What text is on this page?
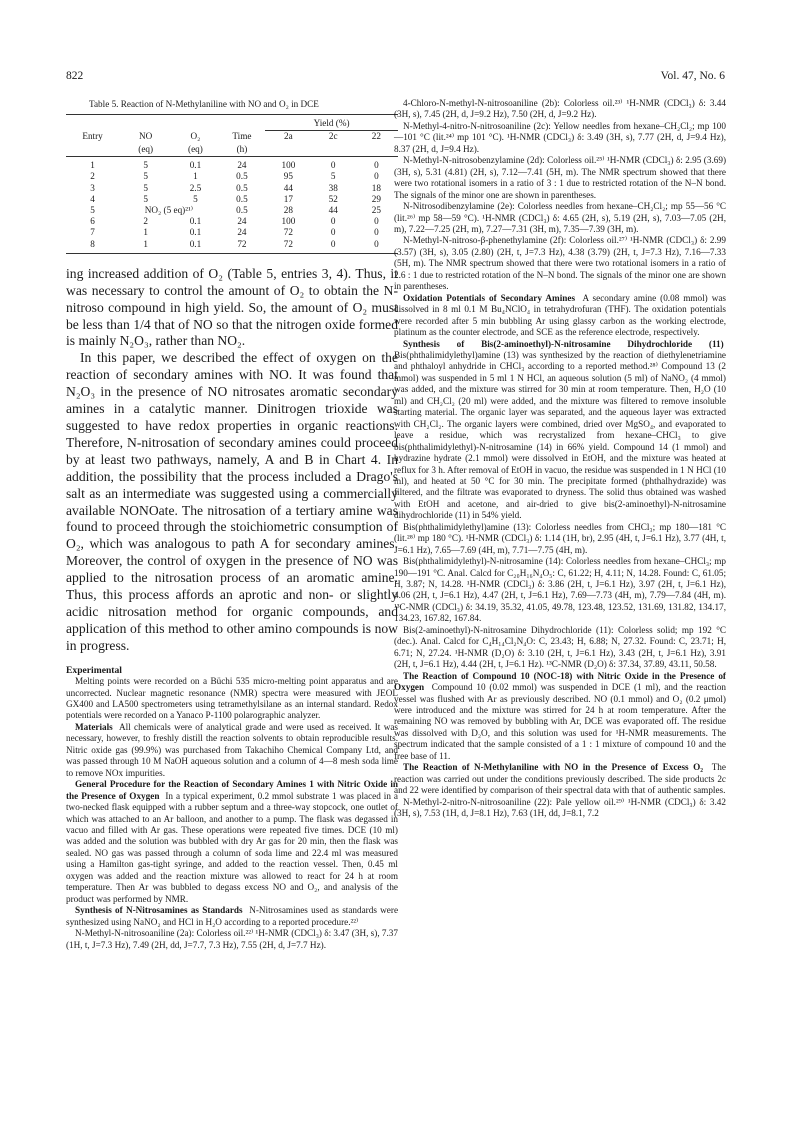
822	Vol. 47, No. 6
Table 5. Reaction of N-Methylaniline with NO and O₂ in DCE

				Yield (%)		

Entry	NO	O₂	Time	2a	2c	22
	(eq)	(eq)	(h)			

1	5	0.1	24	100	0	0
2	5	1	0.5	95	5	0
3	5	2.5	0.5	44	38	18
4	5	5	0.5	17	52	29
5	NO₂ (5 eq)²¹⁾		0.5	28	44	25
6	2	0.1	24	100	0	0
7	1	0.1	24	72	0	0
8	1	0.1	72	72	0	0

ing increased addition of O₂ (Table 5, entries 3, 4). Thus, it was necessary to control the amount of O₂ to obtain the N-nitroso compound in high yield. So, the amount of O₂ must be less than 1/4 that of NO so that the nitrogen oxide formed is mainly N₂O₃, rather than NO₂.

In this paper, we described the effect of oxygen on the reaction of secondary amines with NO. It was found that N₂O₃ in the presence of NO nitrosates aromatic secondary amines in a catalytic manner. Dinitrogen trioxide was suggested to have redox properties in organic reactions. Therefore, N-nitrosation of secondary amines could proceed by at least two pathways, namely, A and B in Chart 4. In addition, the possibility that the process included a Drago's salt as an intermediate was suggested using a commercially available NONOate. The nitrosation of a tertiary amine was found to proceed through the stoichiometric consumption of O₂, which was analogous to path A for secondary amines. Moreover, the control of oxygen in the presence of NO was applied to the nitrosation process of an aromatic amine. Thus, this process affords an aprotic and non- or slightly acidic nitrosation method for organic compounds, and application of this method to other amino compounds is now in progress.

Experimental

Melting points were recorded on a Büchi 535 micro-melting point apparatus and are uncorrected. Nuclear magnetic resonance (NMR) spectra were measured with JEOL GX400 and LA500 spectrometers using tetramethylsilane as an internal standard. Redox potentials were recorded on a Yanaco P-1100 polarographic analyzer.

Materials All chemicals were of analytical grade and were used as received. It was necessary, however, to freshly distill the reaction solvents to obtain reproducible results. Nitric oxide gas (99.9%) was purchased from Takachiho Chemical Company Ltd, and was passed through 10 M NaOH aqueous solution and a column of 4—8 mesh soda lime to remove NOx impurities.

General Procedure for the Reaction of Secondary Amines 1 with Nitric Oxide in the Presence of Oxygen In a typical experiment, 0.2 mmol substrate 1 was placed in a two-necked flask equipped with a rubber septum and a three-way stopcock, one outlet of which was attached to an Ar balloon, and another to a pump. The flask was degassed in vacuo and filled with Ar gas. These operations were repeated five times. DCE (10 ml) was added and the solution was bubbled with dry Ar gas for 20 min, then the flask was sealed. NO gas was passed through a column of soda lime and 22.4 ml was measured using a Hamilton gas-tight syringe, and added to the reaction vessel. Then, 0.45 ml oxygen was added and the reaction mixture was allowed to react for 24 h at room temperature. Then Ar was bubbled to degass excess NO and O₂, and analysis of the product was performed by NMR.

Synthesis of N-Nitrosamines as Standards N-Nitrosamines used as standards were synthesized using NaNO₂ and HCl in H₂O according to a reported procedure.²²⁾

N-Methyl-N-nitrosoaniline (2a): Colorless oil.²²⁾ ¹H-NMR (CDCl₃) δ: 3.47 (3H, s), 7.37 (1H, t, J=7.3 Hz), 7.49 (2H, dd, J=7.7, 7.3 Hz), 7.55 (2H, d, J=7.7 Hz).

4-Chloro-N-methyl-N-nitrosoaniline (2b): Colorless oil.²³⁾ ¹H-NMR (CDCl₃) δ: 3.44 (3H, s), 7.45 (2H, d, J=9.2 Hz), 7.50 (2H, d, J=9.2 Hz).

N-Methyl-4-nitro-N-nitrosoaniline (2c): Yellow needles from hexane–CH₂Cl₂; mp 100—101 °C (lit.²⁴⁾ mp 101 °C). ¹H-NMR (CDCl₃) δ: 3.49 (3H, s), 7.77 (2H, d, J=9.4 Hz), 8.37 (2H, d, J=9.4 Hz).

N-Methyl-N-nitrosobenzylamine (2d): Colorless oil.²⁵⁾ ¹H-NMR (CDCl₃) δ: 2.95 (3.69) (3H, s), 5.31 (4.81) (2H, s), 7.12—7.41 (5H, m). The NMR spectrum showed that there were two rotational isomers in a ratio of 3 : 1 due to restricted rotation of the N–N bond. The signals of the minor one are shown in parentheses.

N-Nitrosodibenzylamine (2e): Colorless needles from hexane–CH₂Cl₂; mp 55—56 °C (lit.²⁶⁾ mp 58—59 °C). ¹H-NMR (CDCl₃) δ: 4.65 (2H, s), 5.19 (2H, s), 7.03—7.05 (2H, m), 7.22—7.25 (2H, m), 7.27—7.31 (3H, m), 7.35—7.39 (3H, m).

N-Methyl-N-nitroso-β-phenethylamine (2f): Colorless oil.²⁷⁾ ¹H-NMR (CDCl₃) δ: 2.99 (3.57) (3H, s), 3.05 (2.80) (2H, t, J=7.3 Hz), 4.38 (3.79) (2H, t, J=7.3 Hz), 7.16—7.33 (5H, m). The NMR spectrum showed that there were two rotational isomers in a ratio of 2.6 : 1 due to restricted rotation of the N–N bond. The signals of the minor one are shown in parentheses.

Oxidation Potentials of Secondary Amines A secondary amine (0.08 mmol) was dissolved in 8 ml 0.1 M Bu₄NClO₄ in tetrahydrofuran (THF). The oxidation potentials were recorded after 5 min bubbling Ar using glassy carbon as the working electrode, platinum as the counter electrode, and SCE as the reference electrode, respectively.

Synthesis of Bis(2-aminoethyl)-N-nitrosamine Dihydrochloride (11)  Bis(phthalimidylethyl)amine (13) was synthesized by the reaction of diethylenetriamine and phthaloyl anhydride in CHCl₃ according to a reported method.²⁸⁾ Compound 13 (2 mmol) was suspended in 5 ml 1 N HCl, an aqueous solution (5 ml) of NaNO₂ (4 mmol) was added, and the mixture was stirred for 30 min at room temperature. Then, H₂O (10 ml) and CH₂Cl₂ (20 ml) were added, and the mixture was filtered to remove insoluble starting material. The organic layer was separated, and the aqueous layer was extracted with CH₂Cl₂. The organic layers were combined, dried over MgSO₄, and evaporated to leave a residue, which was recrystalized from hexane–CHCl₃ to give bis(phthalimidylethyl)-N-nitrosamine (14) in 66% yield. Compound 14 (1 mmol) and hydrazine hydrate (2.1 mmol) were dissolved in EtOH, and the mixture was heated at reflux for 3 h. After removal of EtOH in vacuo, the residue was suspended in 1 N HCl (10 ml), and heated at 50 °C for 30 min. The precipitate formed (phthalhydrazide) was filtered, and the filtrate was evaporated to dryness. The solid thus obtained was washed with EtOH and acetone, and air-dried to give bis(2-aminoethyl)-N-nitrosamine dihydrochloride (11) in 54% yield.

Bis(phthalimidylethyl)amine (13): Colorless needles from CHCl₃; mp 180—181 °C (lit.²⁸⁾ mp 180 °C). ¹H-NMR (CDCl₃) δ: 1.14 (1H, br), 2.95 (4H, t, J=6.1 Hz), 3.77 (4H, t, J=6.1 Hz), 7.65—7.69 (4H, m), 7.71—7.75 (4H, m).

Bis(phthalimidylethyl)-N-nitrosamine (14): Colorless needles from hexane–CHCl₃; mp 190—191 °C. Anal. Calcd for C₂₀H₁₆N₄O₅: C, 61.22; H, 4.11; N, 14.28. Found: C, 61.05; H, 3.87; N, 14.28. ¹H-NMR (CDCl₃) δ: 3.86 (2H, t, J=6.1 Hz), 3.97 (2H, t, J=6.1 Hz), 4.06 (2H, t, J=6.1 Hz), 4.47 (2H, t, J=6.1 Hz), 7.69—7.73 (4H, m), 7.79—7.84 (4H, m). ¹³C-NMR (CDCl₃) δ: 34.19, 35.32, 41.05, 49.78, 123.48, 123.52, 131.69, 131.82, 134.17, 134.23, 167.82, 167.84.

Bis(2-aminoethyl)-N-nitrosamine Dihydrochloride (11): Colorless solid; mp 192 °C (dec.). Anal. Calcd for C₄H₁₄Cl₂N₄O: C, 23.43; H, 6.88; N, 27.32. Found: C, 23.71; H, 6.71; N, 27.24. ¹H-NMR (D₂O) δ: 3.10 (2H, t, J=6.1 Hz), 3.43 (2H, t, J=6.1 Hz), 3.91 (2H, t, J=6.1 Hz), 4.44 (2H, t, J=6.1 Hz). ¹³C-NMR (D₂O) δ: 37.34, 37.89, 43.11, 50.58.

The Reaction of Compound 10 (NOC-18) with Nitric Oxide in the Presence of Oxygen Compound 10 (0.02 mmol) was suspended in DCE (1 ml), and the reaction vessel was flushed with Ar as previously described. NO (0.1 mmol) and O₂ (0.2 μmol) were introduced and the mixture was stirred for 24 h at room temperature. After the remaining NO was removed by bubbling with Ar, DCE was evaporated off. The residue was dissolved with D₂O, and this solution was used for ¹H-NMR measurements. The spectrum indicated that the sample consisted of a 1 : 1 mixture of compound 10 and the free base of 11.

The Reaction of N-Methylaniline with NO in the Presence of Excess O₂ The reaction was carried out under the conditions previously described. The side products 2c and 22 were identified by comparison of their spectral data with that of authentic samples.

N-Methyl-2-nitro-N-nitrosoaniline (22): Pale yellow oil.²⁹⁾ ¹H-NMR (CDCl₃) δ: 3.42 (3H, s), 7.53 (1H, d, J=8.1 Hz), 7.63 (1H, dd, J=8.1, 7.2
